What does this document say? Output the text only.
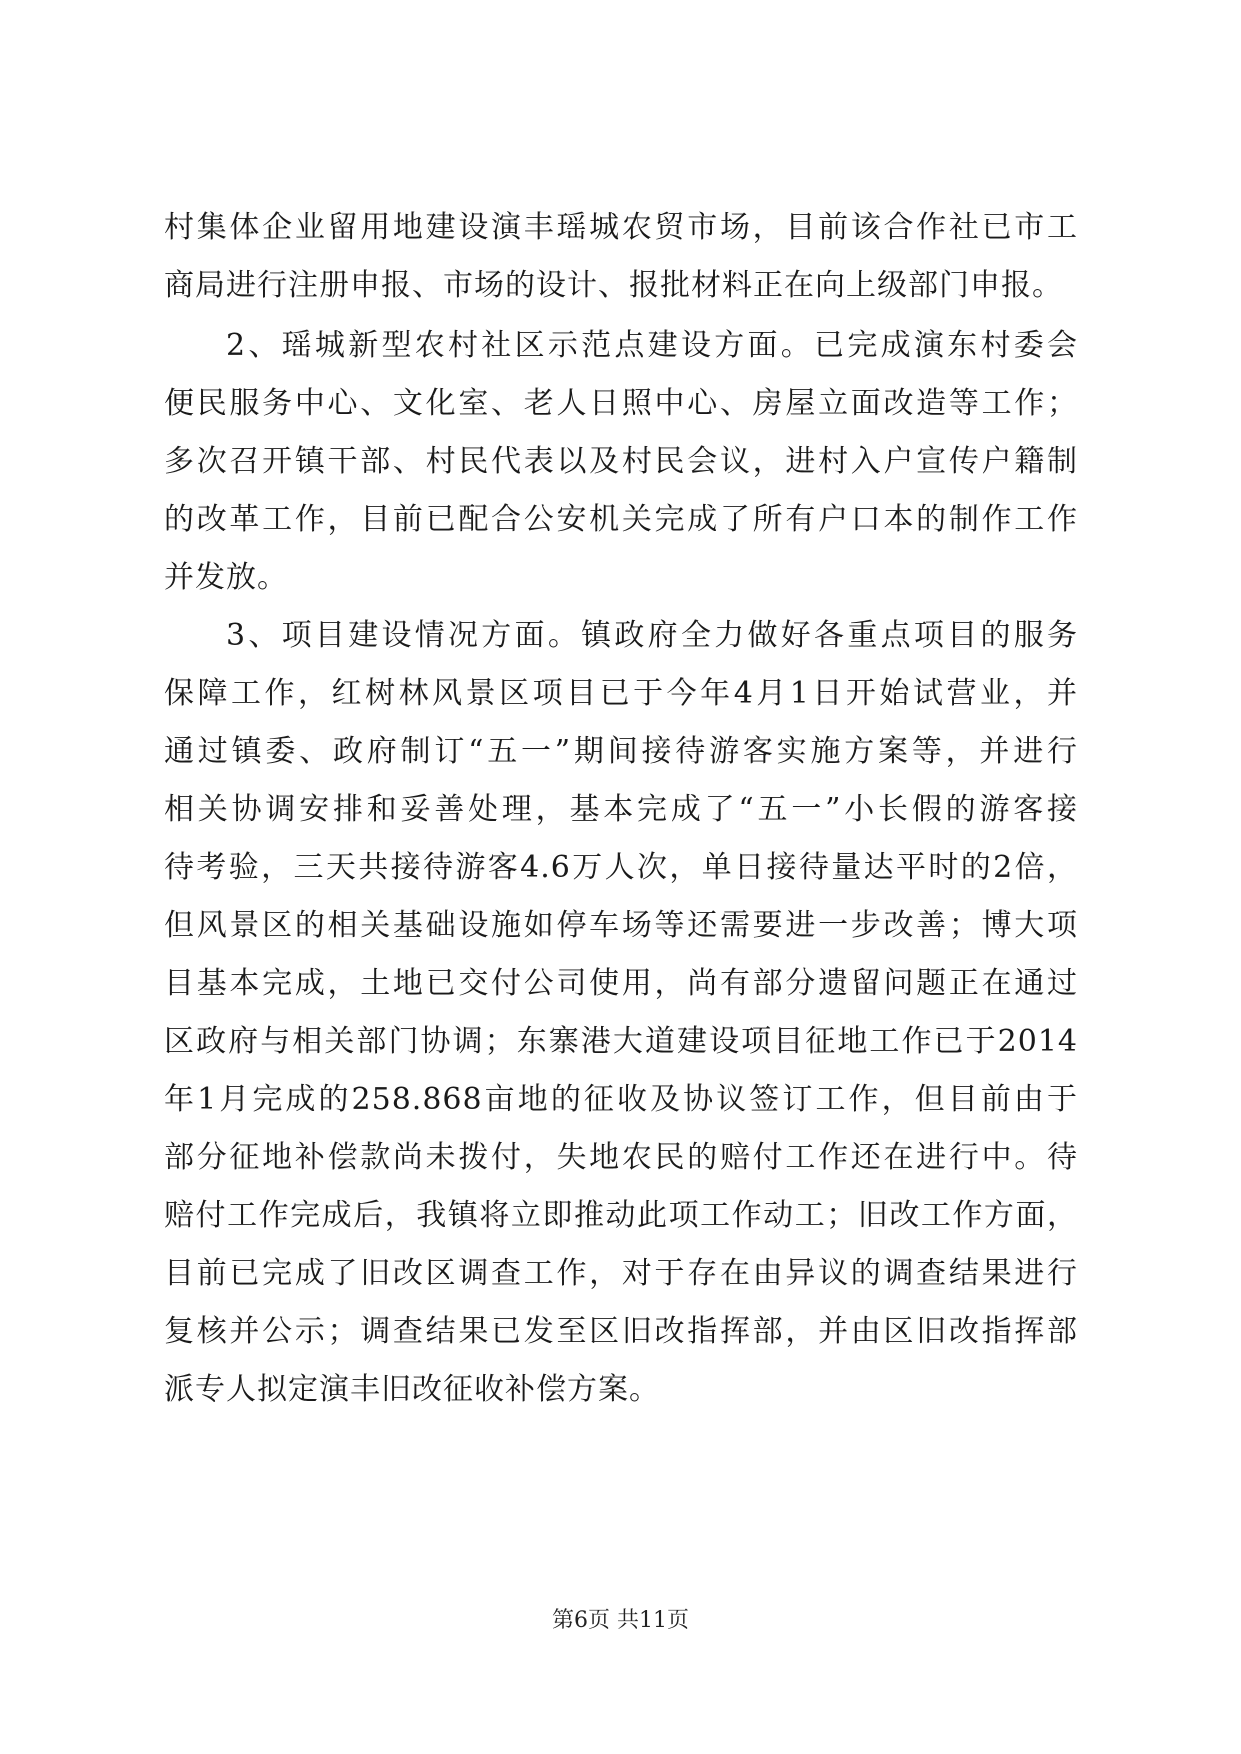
村集体企业留用地建设演丰瑶城农贸市场，目前该合作社已市工
商局进行注册申报、市场的设计、报批材料正在向上级部门申报。
2、瑶城新型农村社区示范点建设方面。已完成演东村委会
便民服务中心、文化室、老人日照中心、房屋立面改造等工作；
多次召开镇干部、村民代表以及村民会议，进村入户宣传户籍制
的改革工作，目前已配合公安机关完成了所有户口本的制作工作
并发放。
3、项目建设情况方面。镇政府全力做好各重点项目的服务
保障工作，红树林风景区项目已于今年4月1日开始试营业，并
通过镇委、政府制订“五一”期间接待游客实施方案等，并进行
相关协调安排和妥善处理，基本完成了“五一”小长假的游客接
待考验，三天共接待游客4.6万人次，单日接待量达平时的2倍，
但风景区的相关基础设施如停车场等还需要进一步改善；博大项
目基本完成，土地已交付公司使用，尚有部分遗留问题正在通过
区政府与相关部门协调；东寨港大道建设项目征地工作已于2014
年1月完成的258.868亩地的征收及协议签订工作，但目前由于
部分征地补偿款尚未拨付，失地农民的赔付工作还在进行中。待
赔付工作完成后，我镇将立即推动此项工作动工；旧改工作方面，
目前已完成了旧改区调查工作，对于存在由异议的调查结果进行
复核并公示；调查结果已发至区旧改指挥部，并由区旧改指挥部
派专人拟定演丰旧改征收补偿方案。
第6页 共11页
